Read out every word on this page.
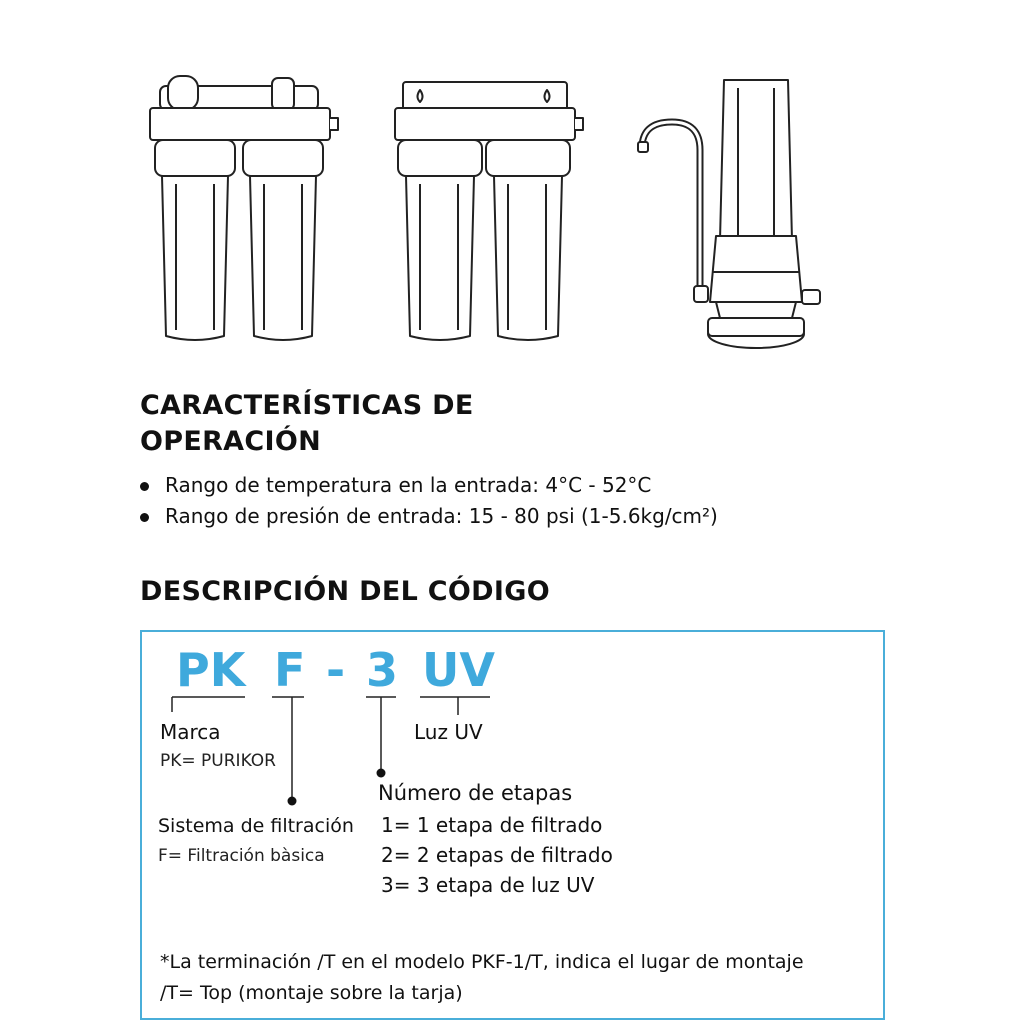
CARACTERÍSTICAS DE
OPERACIÓN
Rango de temperatura en la entrada: 4°C - 52°C
Rango de presión de entrada: 15 - 80 psi (1-5.6kg/cm²)
DESCRIPCIÓN DEL CÓDIGO
PK F - 3 UV
Marca
PK= PURIKOR
Luz UV
Número de etapas
1= 1 etapa de filtrado
2= 2 etapas de filtrado
3= 3 etapa de luz UV
Sistema de filtración
F= Filtración bàsica
*La terminación /T en el modelo PKF-1/T, indica el lugar de montaje
/T= Top (montaje sobre la tarja)
